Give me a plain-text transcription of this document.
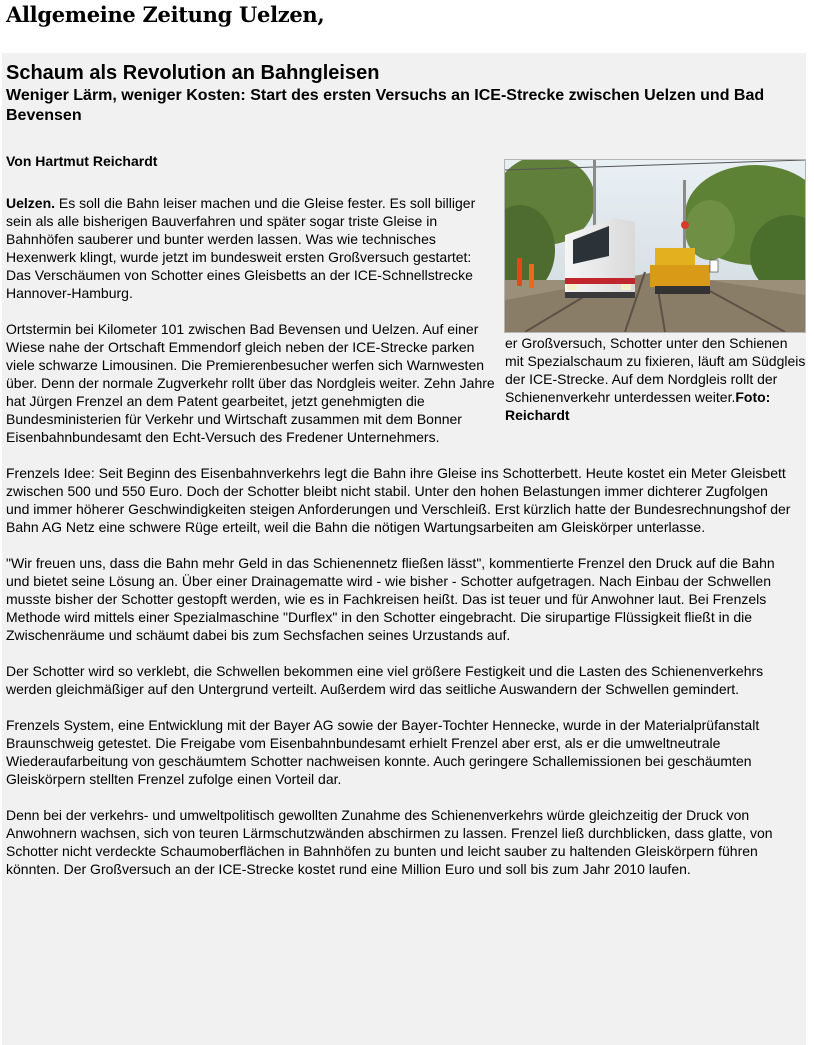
Allgemeine Zeitung Uelzen,
Schaum als Revolution an Bahngleisen
Weniger Lärm, weniger Kosten: Start des ersten Versuchs an ICE-Strecke zwischen Uelzen und Bad Bevensen

Von Hartmut Reichardt

er Großversuch, Schotter unter den Schienen mit Spezialschaum zu fixieren, läuft am Südgleis der ICE-Strecke. Auf dem Nordgleis rollt der Schienenverkehr unterdessen weiter.Foto: Reichardt

Uelzen. Es soll die Bahn leiser machen und die Gleise fester. Es soll billiger sein als alle bisherigen Bauverfahren und später sogar triste Gleise in Bahnhöfen sauberer und bunter werden lassen. Was wie technisches Hexenwerk klingt, wurde jetzt im bundesweit ersten Großversuch gestartet: Das Verschäumen von Schotter eines Gleisbetts an der ICE-Schnellstrecke Hannover-Hamburg.

Ortstermin bei Kilometer 101 zwischen Bad Bevensen und Uelzen. Auf einer Wiese nahe der Ortschaft Emmendorf gleich neben der ICE-Strecke parken viele schwarze Limousinen. Die Premierenbesucher werfen sich Warnwesten über. Denn der normale Zugverkehr rollt über das Nordgleis weiter. Zehn Jahre hat Jürgen Frenzel an dem Patent gearbeitet, jetzt genehmigten die Bundesministerien für Verkehr und Wirtschaft zusammen mit dem Bonner Eisenbahnbundesamt den Echt-Versuch des Fredener Unternehmers.

Frenzels Idee: Seit Beginn des Eisenbahnverkehrs legt die Bahn ihre Gleise ins Schotterbett. Heute kostet ein Meter Gleisbett zwischen 500 und 550 Euro. Doch der Schotter bleibt nicht stabil. Unter den hohen Belastungen immer dichterer Zugfolgen und immer höherer Geschwindigkeiten steigen Anforderungen und Verschleiß. Erst kürzlich hatte der Bundesrechnungshof der Bahn AG Netz eine schwere Rüge erteilt, weil die Bahn die nötigen Wartungsarbeiten am Gleiskörper unterlasse.

"Wir freuen uns, dass die Bahn mehr Geld in das Schienennetz fließen lässt", kommentierte Frenzel den Druck auf die Bahn und bietet seine Lösung an. Über einer Drainagematte wird - wie bisher - Schotter aufgetragen. Nach Einbau der Schwellen musste bisher der Schotter gestopft werden, wie es in Fachkreisen heißt. Das ist teuer und für Anwohner laut. Bei Frenzels Methode wird mittels einer Spezialmaschine "Durflex" in den Schotter eingebracht. Die sirupartige Flüssigkeit fließt in die Zwischenräume und schäumt dabei bis zum Sechsfachen seines Urzustands auf.

Der Schotter wird so verklebt, die Schwellen bekommen eine viel größere Festigkeit und die Lasten des Schienenverkehrs werden gleichmäßiger auf den Untergrund verteilt. Außerdem wird das seitliche Auswandern der Schwellen gemindert.

Frenzels System, eine Entwicklung mit der Bayer AG sowie der Bayer-Tochter Hennecke, wurde in der Materialprüfanstalt Braunschweig getestet. Die Freigabe vom Eisenbahnbundesamt erhielt Frenzel aber erst, als er die umweltneutrale Wiederaufarbeitung von geschäumtem Schotter nachweisen konnte. Auch geringere Schallemissionen bei geschäumten Gleiskörpern stellten Frenzel zufolge einen Vorteil dar.

Denn bei der verkehrs- und umweltpolitisch gewollten Zunahme des Schienenverkehrs würde gleichzeitig der Druck von Anwohnern wachsen, sich von teuren Lärmschutzwänden abschirmen zu lassen. Frenzel ließ durchblicken, dass glatte, von Schotter nicht verdeckte Schaumoberflächen in Bahnhöfen zu bunten und leicht sauber zu haltenden Gleiskörpern führen könnten. Der Großversuch an der ICE-Strecke kostet rund eine Million Euro und soll bis zum Jahr 2010 laufen.
